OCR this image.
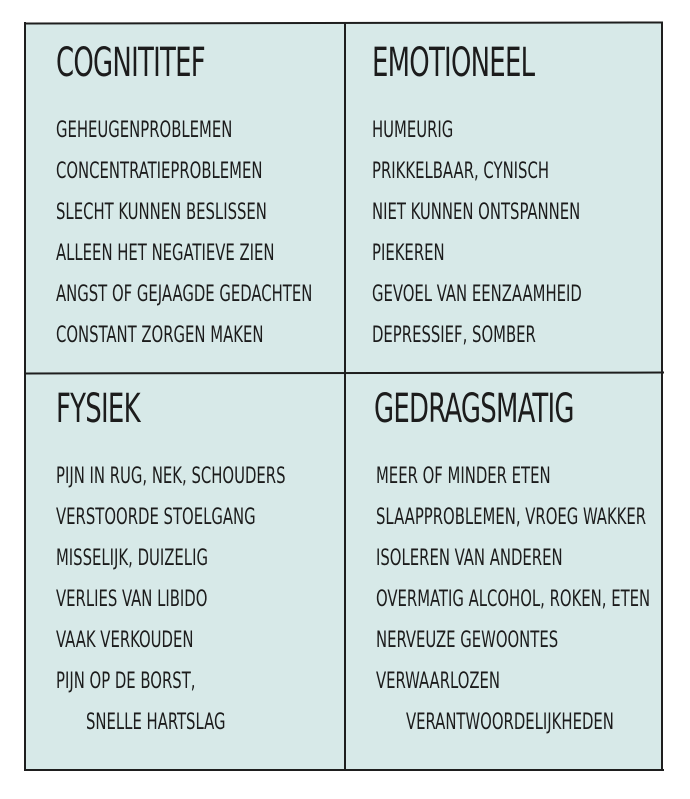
COGNITITEF
GEHEUGENPROBLEMEN
CONCENTRATIEPROBLEMEN
SLECHT KUNNEN BESLISSEN
ALLEEN HET NEGATIEVE ZIEN
ANGST OF GEJAAGDE GEDACHTEN
CONSTANT ZORGEN MAKEN
EMOTIONEEL
HUMEURIG
PRIKKELBAAR, CYNISCH
NIET KUNNEN ONTSPANNEN
PIEKEREN
GEVOEL VAN EENZAAMHEID
DEPRESSIEF, SOMBER
FYSIEK
PIJN IN RUG, NEK, SCHOUDERS
VERSTOORDE STOELGANG
MISSELIJK, DUIZELIG
VERLIES VAN LIBIDO
VAAK VERKOUDEN
PIJN OP DE BORST,
SNELLE HARTSLAG
GEDRAGSMATIG
MEER OF MINDER ETEN
SLAAPPROBLEMEN, VROEG WAKKER
ISOLEREN VAN ANDEREN
OVERMATIG ALCOHOL, ROKEN, ETEN
NERVEUZE GEWOONTES
VERWAARLOZEN
VERANTWOORDELIJKHEDEN
